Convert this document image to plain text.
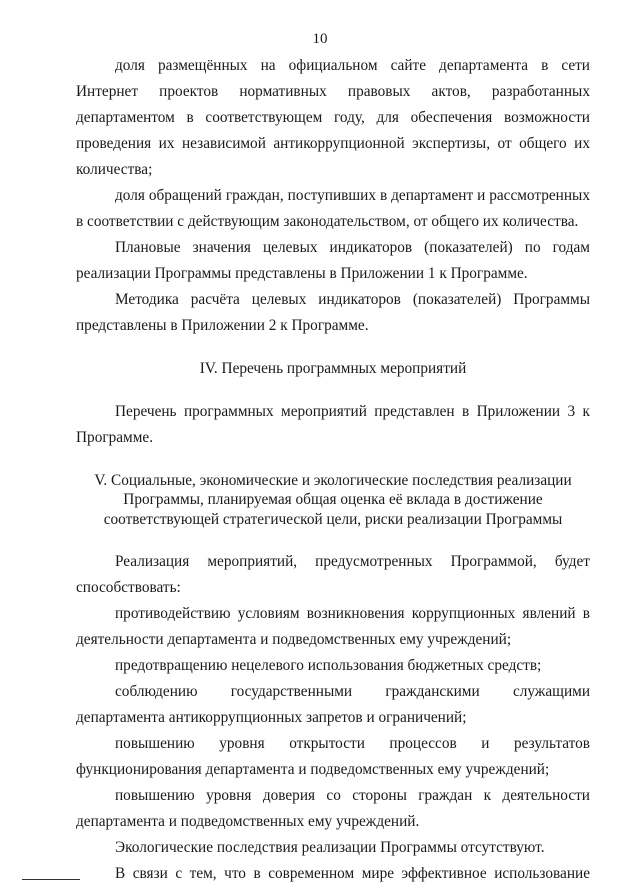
10

доля размещённых на официальном сайте департамента в сети Интернет проектов нормативных правовых актов, разработанных департаментом в соответствующем году, для обеспечения возможности проведения их независимой антикоррупционной экспертизы, от общего их количества;

доля обращений граждан, поступивших в департамент и рассмотренных в соответствии с действующим законодательством, от общего их количества.

Плановые значения целевых индикаторов (показателей) по годам реализации Программы представлены в Приложении 1 к Программе.

Методика расчёта целевых индикаторов (показателей) Программы представлены в Приложении 2 к Программе.

IV. Перечень программных мероприятий

Перечень программных мероприятий представлен в Приложении 3 к Программе.

V. Социальные, экономические и экологические последствия реализации

Программы, планируемая общая оценка её вклада в достижение

соответствующей стратегической цели, риски реализации Программы

Реализация мероприятий, предусмотренных Программой, будет способствовать:

противодействию условиям возникновения коррупционных явлений в деятельности департамента и подведомственных ему учреждений;

предотвращению нецелевого использования бюджетных средств;

соблюдению государственными гражданскими служащими департамента антикоррупционных запретов и ограничений;

повышению уровня открытости процессов и результатов функционирования департамента и подведомственных ему учреждений;

повышению уровня доверия со стороны граждан к деятельности департамента и подведомственных ему учреждений.

Экологические последствия реализации Программы отсутствуют.

В связи с тем, что в современном мире эффективное использование
